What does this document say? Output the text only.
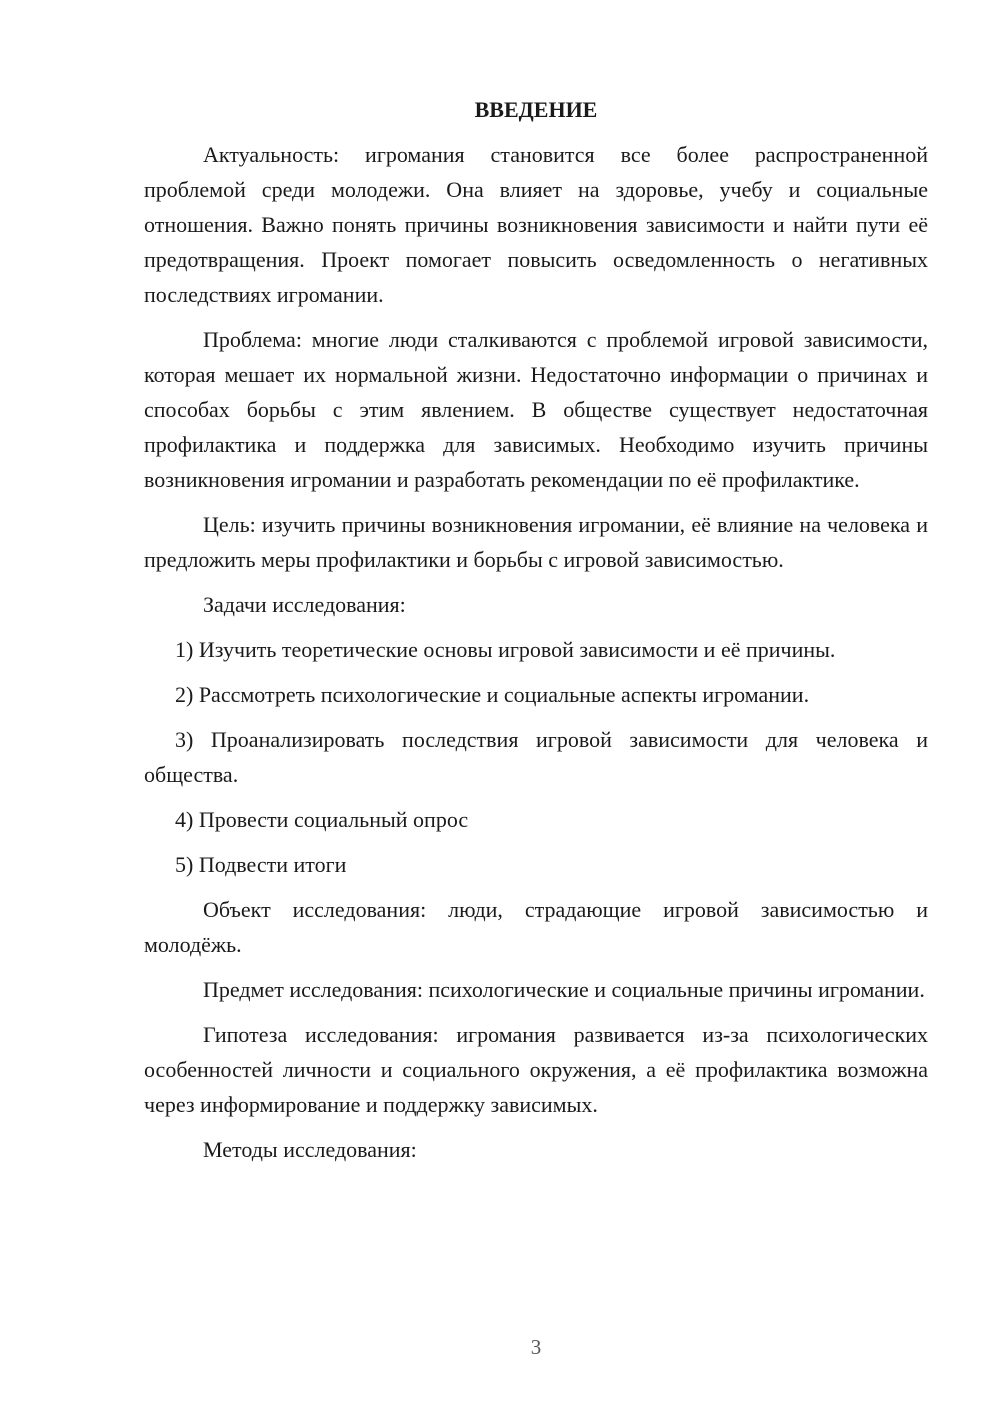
ВВЕДЕНИЕ

Актуальность: игромания становится все более распространенной проблемой среди молодежи. Она влияет на здоровье, учебу и социальные отношения. Важно понять причины возникновения зависимости и найти пути её предотвращения. Проект помогает повысить осведомленность о негативных последствиях игромании.

Проблема: многие люди сталкиваются с проблемой игровой зависимости, которая мешает их нормальной жизни. Недостаточно информации о причинах и способах борьбы с этим явлением. В обществе существует недостаточная профилактика и поддержка для зависимых. Необходимо изучить причины возникновения игромании и разработать рекомендации по её профилактике.

Цель: изучить причины возникновения игромании, её влияние на человека и предложить меры профилактики и борьбы с игровой зависимостью.

Задачи исследования:

1) Изучить теоретические основы игровой зависимости и её причины.

2) Рассмотреть психологические и социальные аспекты игромании.

3) Проанализировать последствия игровой зависимости для человека и общества.

4) Провести социальный опрос

5) Подвести итоги

Объект исследования: люди, страдающие игровой зависимостью и молодёжь.

Предмет исследования: психологические и социальные причины игромании.

Гипотеза исследования: игромания развивается из-за психологических особенностей личности и социального окружения, а её профилактика возможна через информирование и поддержку зависимых.

Методы исследования:

3
